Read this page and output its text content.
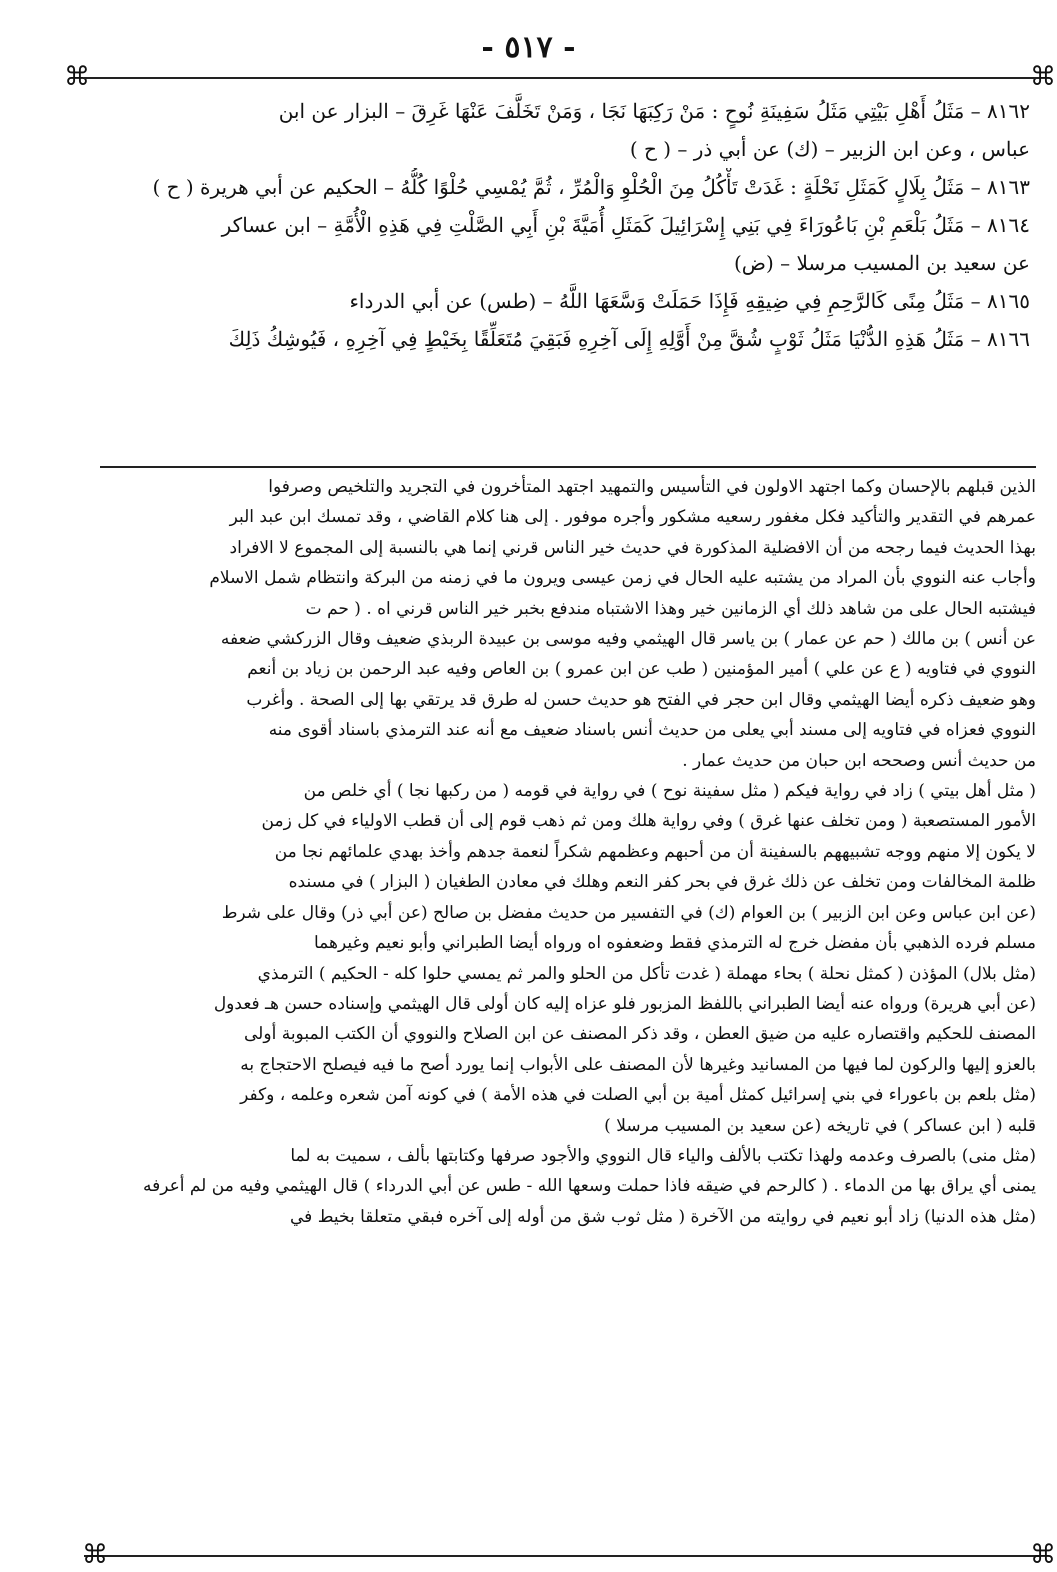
- ٥١٧ -
⌘	⌘
٨١٦٢ – مَثَلُ أَهْلِ بَيْتِي مَثَلُ سَفِينَةِ نُوحٍ : مَنْ رَكِبَهَا نَجَا ، وَمَنْ تَخَلَّفَ عَنْهَا غَرِقَ – البزار عن ابن
عباس ، وعن ابن الزبير – (ك) عن أبي ذر – ( ح )
٨١٦٣ – مَثَلُ بِلَالٍ كَمَثَلِ نَحْلَةٍ : غَدَتْ تَأْكُلُ مِنَ الْحُلْوِ وَالْمُرِّ ، ثُمَّ يُمْسِي حُلْوًا كُلُّهُ – الحكيم عن أبي هريرة ( ح )
٨١٦٤ – مَثَلُ بَلْعَمِ بْنِ بَاعُورَاءَ فِي بَنِي إِسْرَائِيلَ كَمَثَلِ أُمَيَّةَ بْنِ أَبِي الصَّلْتِ فِي هَذِهِ الْأُمَّةِ – ابن عساكر
عن سعيد بن المسيب مرسلا – (ض)
٨١٦٥ – مَثَلُ مِنًى كَالرَّحِمِ فِي ضِيقِهِ فَإِذَا حَمَلَتْ وَسَّعَهَا اللَّهُ – (طس) عن أبي الدرداء
٨١٦٦ – مَثَلُ هَذِهِ الدُّنْيَا مَثَلُ ثَوْبٍ شُقَّ مِنْ أَوَّلِهِ إِلَى آخِرِهِ فَبَقِيَ مُتَعَلِّقًا بِخَيْطٍ فِي آخِرِهِ ، فَيُوشِكُ ذَلِكَ
الذين قبلهم بالإحسان وكما اجتهد الاولون في التأسيس والتمهيد اجتهد المتأخرون في التجريد والتلخيص وصرفوا
عمرهم في التقدير والتأكيد فكل مغفور رسعيه مشكور وأجره موفور . إلى هنا كلام القاضي ، وقد تمسك ابن عبد البر
بهذا الحديث فيما رجحه من أن الافضلية المذكورة في حديث خير الناس قرني إنما هي بالنسبة إلى المجموع لا الافراد
وأجاب عنه النووي بأن المراد من يشتبه عليه الحال في زمن عيسى ويرون ما في زمنه من البركة وانتظام شمل الاسلام
فيشتبه الحال على من شاهد ذلك أي الزمانين خير وهذا الاشتباه مندفع بخبر خير الناس قرني اه . ( حم ت
عن أنس ) بن مالك ( حم عن عمار ) بن ياسر قال الهيثمي وفيه موسى بن عبيدة الربذي ضعيف وقال الزركشي ضعفه
النووي في فتاويه ( ع عن علي ) أمير المؤمنين ( طب عن ابن عمرو ) بن العاص وفيه عبد الرحمن بن زياد بن أنعم
وهو ضعيف ذكره أيضا الهيثمي وقال ابن حجر في الفتح هو حديث حسن له طرق قد يرتقي بها إلى الصحة . وأغرب
النووي فعزاه في فتاويه إلى مسند أبي يعلى من حديث أنس باسناد ضعيف مع أنه عند الترمذي باسناد أقوى منه
من حديث أنس وصححه ابن حبان من حديث عمار .
( مثل أهل بيتي ) زاد في رواية فيكم ( مثل سفينة نوح ) في رواية في قومه ( من ركبها نجا ) أي خلص من
الأمور المستصعبة ( ومن تخلف عنها غرق ) وفي رواية هلك ومن ثم ذهب قوم إلى أن قطب الاولياء في كل زمن
لا يكون إلا منهم ووجه تشبيههم بالسفينة أن من أحبهم وعظمهم شكراً لنعمة جدهم وأخذ بهدي علمائهم نجا من
ظلمة المخالفات ومن تخلف عن ذلك غرق في بحر كفر النعم وهلك في معادن الطغيان ( البزار ) في مسنده
(عن ابن عباس وعن ابن الزبير ) بن العوام (ك) في التفسير من حديث مفضل بن صالح (عن أبي ذر) وقال على شرط
مسلم فرده الذهبي بأن مفضل خرج له الترمذي فقط وضعفوه اه ورواه أيضا الطبراني وأبو نعيم وغيرهما
(مثل بلال) المؤذن ( كمثل نحلة ) بحاء مهملة ( غدت تأكل من الحلو والمر ثم يمسي حلوا كله - الحكيم ) الترمذي
(عن أبي هريرة) ورواه عنه أيضا الطبراني باللفظ المزبور فلو عزاه إليه كان أولى قال الهيثمي وإسناده حسن هـ فعدول
المصنف للحكيم واقتصاره عليه من ضيق العطن ، وقد ذكر المصنف عن ابن الصلاح والنووي أن الكتب المبوبة أولى
بالعزو إليها والركون لما فيها من المسانيد وغيرها لأن المصنف على الأبواب إنما يورد أصح ما فيه فيصلح الاحتجاج به
(مثل بلعم بن باعوراء في بني إسرائيل كمثل أمية بن أبي الصلت في هذه الأمة ) في كونه آمن شعره وعلمه ، وكفر
قلبه ( ابن عساكر ) في تاريخه (عن سعيد بن المسيب مرسلا )
(مثل منى) بالصرف وعدمه ولهذا تكتب بالألف والياء قال النووي والأجود صرفها وكتابتها بألف ، سميت به لما
يمنى أي يراق بها من الدماء . ( كالرحم في ضيقه فاذا حملت وسعها الله - طس عن أبي الدرداء ) قال الهيثمي وفيه من لم أعرفه
(مثل هذه الدنيا) زاد أبو نعيم في روايته من الآخرة ( مثل ثوب شق من أوله إلى آخره فبقي متعلقا بخيط في
⌘	⌘
